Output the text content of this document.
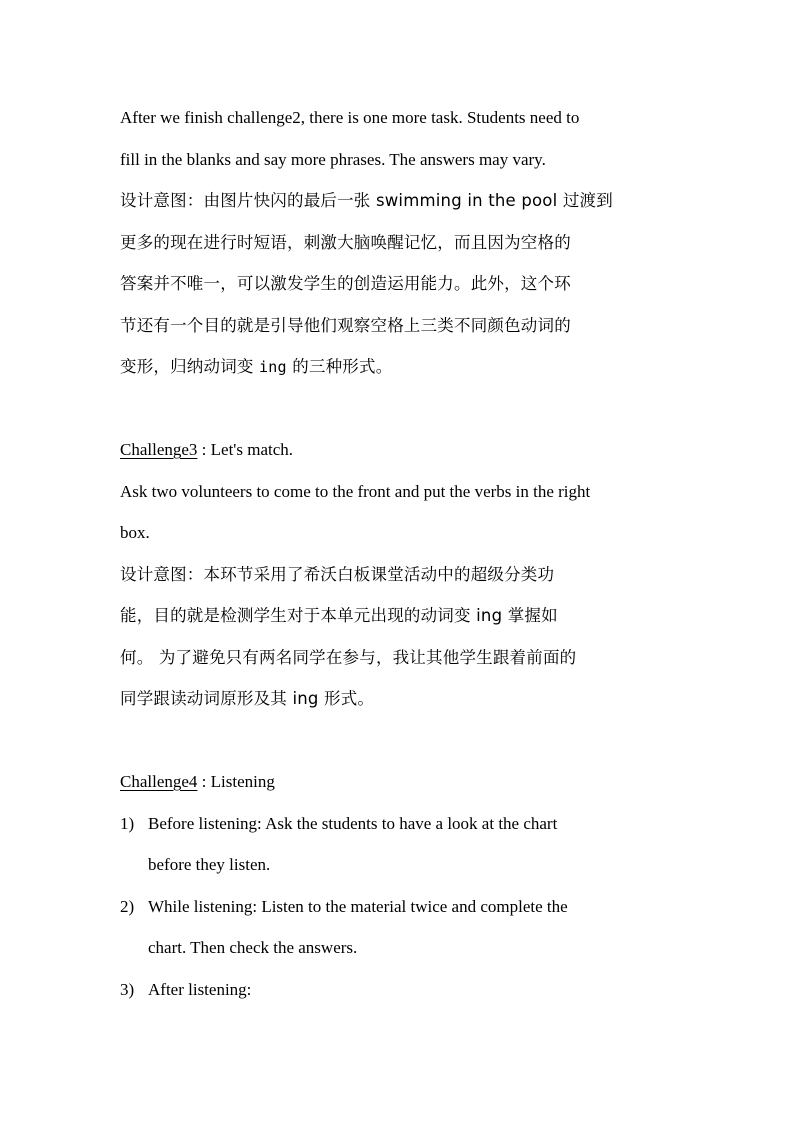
After we finish challenge2, there is one more task. Students need to
fill in the blanks and say more phrases. The answers may vary.
设计意图：由图片快闪的最后一张 swimming in the pool 过渡到
更多的现在进行时短语，刺激大脑唤醒记忆，而且因为空格的
答案并不唯一，可以激发学生的创造运用能力。此外，这个环
节还有一个目的就是引导他们观察空格上三类不同颜色动词的
变形，归纳动词变 ing 的三种形式。
Challenge3 : Let's match.
Ask two volunteers to come to the front and put the verbs in the right
box.
设计意图：本环节采用了希沃白板课堂活动中的超级分类功
能，目的就是检测学生对于本单元出现的动词变 ing 掌握如
何。 为了避免只有两名同学在参与，我让其他学生跟着前面的
同学跟读动词原形及其 ing 形式。
Challenge4 : Listening
1) Before listening: Ask the students to have a look at the chart
before they listen.
2) While listening: Listen to the material twice and complete the
chart. Then check the answers.
3) After listening:
